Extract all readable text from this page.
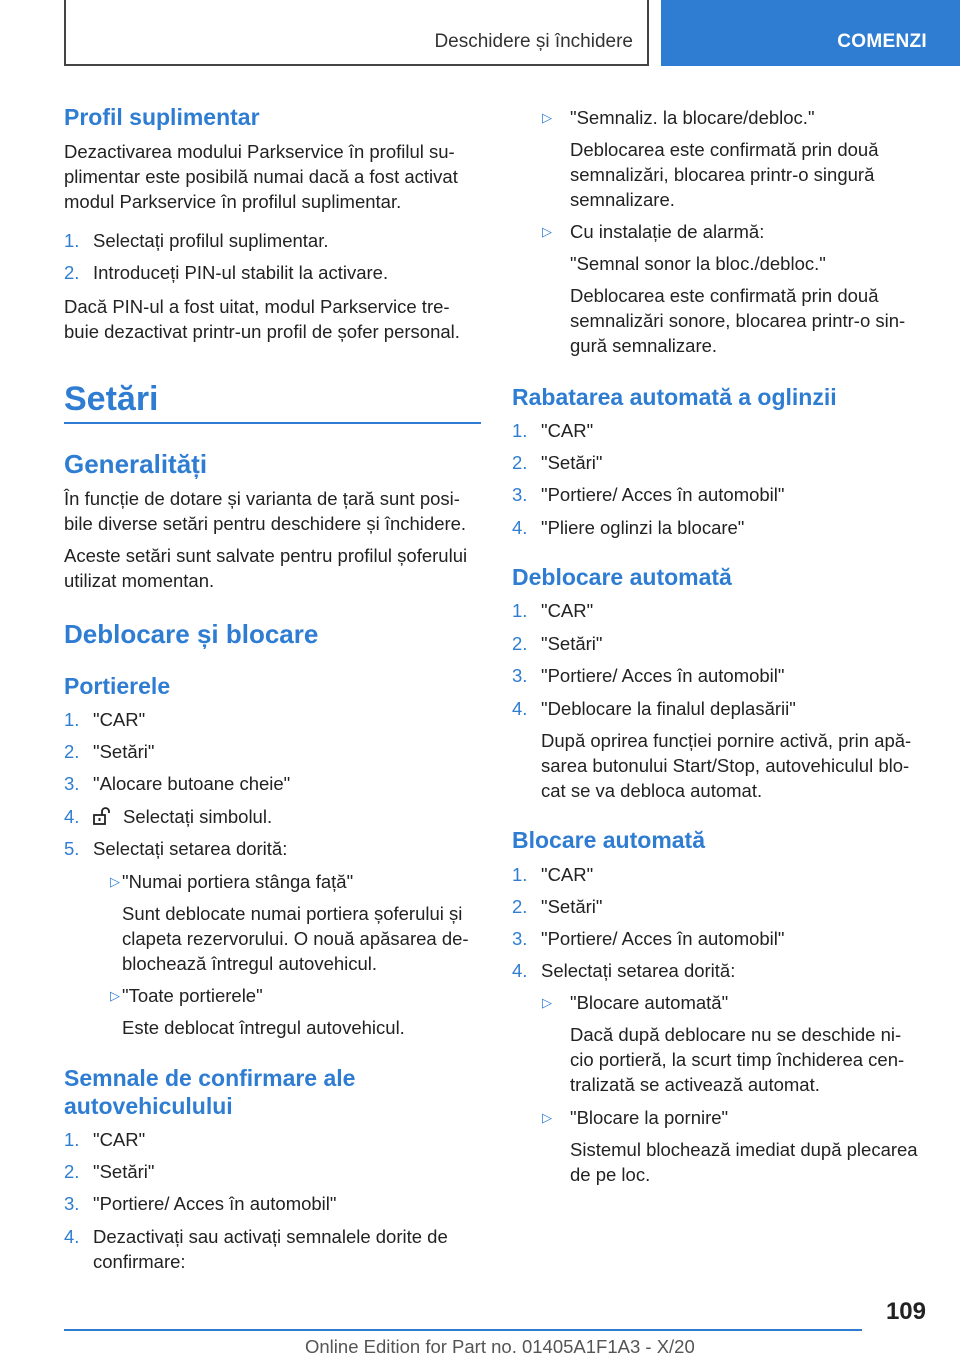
Deschidere și închidere	COMENZI
Profil suplimentar
Dezactivarea modului Parkservice în profilul su-
plimentar este posibilă numai dacă a fost activat
modul Parkservice în profilul suplimentar.
1. Selectați profilul suplimentar.
2. Introduceți PIN-ul stabilit la activare.
Dacă PIN-ul a fost uitat, modul Parkservice tre-
buie dezactivat printr-un profil de șofer personal.
Setări
Generalități
În funcție de dotare și varianta de țară sunt posi-
bile diverse setări pentru deschidere și închidere.
Aceste setări sunt salvate pentru profilul șoferului
utilizat momentan.
Deblocare și blocare
Portierele
1. "CAR"
2. "Setări"
3. "Alocare butoane cheie"
4.	Selectați simbolul.
5. Selectați setarea dorită:
▷ "Numai portiera stânga față"
Sunt deblocate numai portiera șoferului și
clapeta rezervorului. O nouă apăsarea de-
blochează întregul autovehicul.
▷ "Toate portierele"
Este deblocat întregul autovehicul.
Semnale de confirmare ale
autovehiculului
1. "CAR"
2. "Setări"
3. "Portiere/ Acces în automobil"
4. Dezactivați sau activați semnalele dorite de
confirmare:
▷ "Semnaliz. la blocare/debloc."
Deblocarea este confirmată prin două
semnalizări, blocarea printr-o singură
semnalizare.
▷ Cu instalație de alarmă:
"Semnal sonor la bloc./debloc."
Deblocarea este confirmată prin două
semnalizări sonore, blocarea printr-o sin-
gură semnalizare.
Rabatarea automată a oglinzii
1. "CAR"
2. "Setări"
3. "Portiere/ Acces în automobil"
4. "Pliere oglinzi la blocare"
Deblocare automată
1. "CAR"
2. "Setări"
3. "Portiere/ Acces în automobil"
4. "Deblocare la finalul deplasării"
După oprirea funcției pornire activă, prin apă-
sarea butonului Start/Stop, autovehiculul blo-
cat se va debloca automat.
Blocare automată
1. "CAR"
2. "Setări"
3. "Portiere/ Acces în automobil"
4. Selectați setarea dorită:
▷ "Blocare automată"
Dacă după deblocare nu se deschide ni-
cio portieră, la scurt timp închiderea cen-
tralizată se activează automat.
▷ "Blocare la pornire"
Sistemul blochează imediat după plecarea
de pe loc.
109
Online Edition for Part no. 01405A1F1A3 - X/20
